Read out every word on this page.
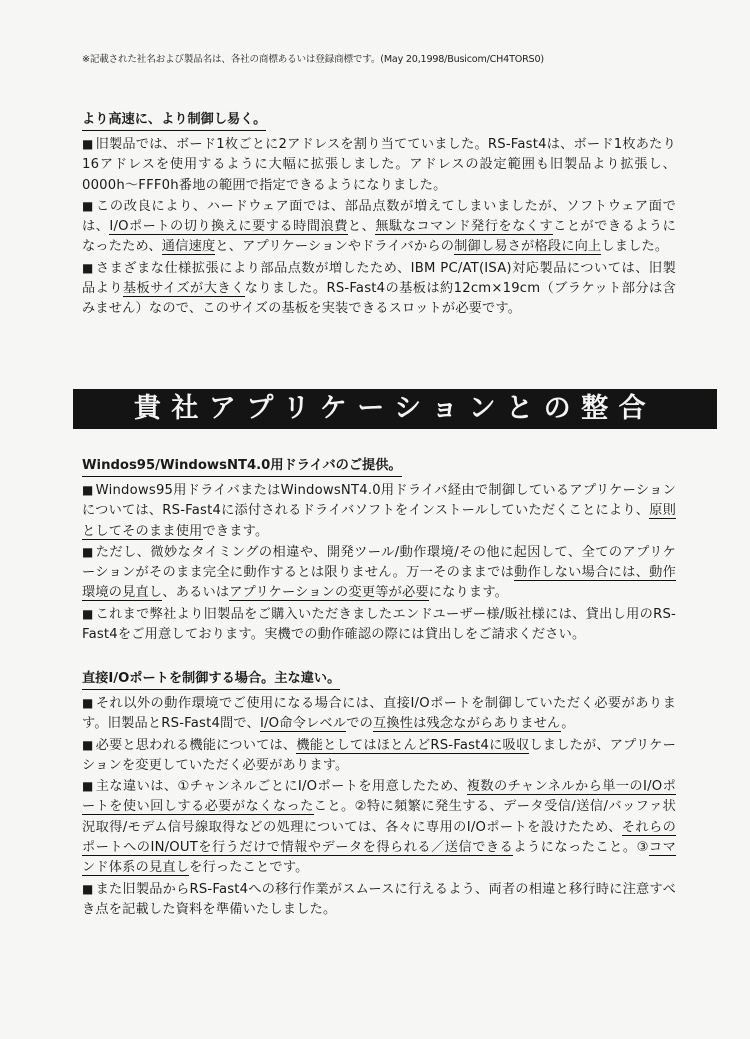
※記載された社名および製品名は、各社の商標あるいは登録商標です。(May 20,1998/Busicom/CH4TORS0)
より高速に、より制御し易く。

■ 旧製品では、ボード1枚ごとに2アドレスを割り当てていました。RS-Fast4は、ボード1枚あたり16アドレスを使用するように大幅に拡張しました。アドレスの設定範囲も旧製品より拡張し、0000h〜FFF0h番地の範囲で指定できるようになりました。

■ この改良により、ハードウェア面では、部品点数が増えてしまいましたが、ソフトウェア面では、I/Oポートの切り換えに要する時間浪費と、無駄なコマンド発行をなくすことができるようになったため、通信速度と、アプリケーションやドライバからの制御し易さが格段に向上しました。

■ さまざまな仕様拡張により部品点数が増したため、IBM PC/AT(ISA)対応製品については、旧製品より基板サイズが大きくなりました。RS-Fast4の基板は約12cm×19cm（ブラケット部分は含みません）なので、このサイズの基板を実装できるスロットが必要です。

貴社アプリケーションとの整合
Windos95/WindowsNT4.0用ドライバのご提供。

■ Windows95用ドライバまたはWindowsNT4.0用ドライバ経由で制御しているアプリケーションについては、RS-Fast4に添付されるドライバソフトをインストールしていただくことにより、原則としてそのまま使用できます。

■ ただし、微妙なタイミングの相違や、開発ツール/動作環境/その他に起因して、全てのアプリケーションがそのまま完全に動作するとは限りません。万一そのままでは動作しない場合には、動作環境の見直し、あるいはアプリケーションの変更等が必要になります。

■ これまで弊社より旧製品をご購入いただきましたエンドユーザー様/販社様には、貸出し用のRS-Fast4をご用意しております。実機での動作確認の際には貸出しをご請求ください。

直接I/Oポートを制御する場合。主な違い。

■ それ以外の動作環境でご使用になる場合には、直接I/Oポートを制御していただく必要があります。旧製品とRS-Fast4間で、I/O命令レベルでの互換性は残念ながらありません。

■ 必要と思われる機能については、機能としてはほとんどRS-Fast4に吸収しましたが、アプリケーションを変更していただく必要があります。

■ 主な違いは、①チャンネルごとにI/Oポートを用意したため、複数のチャンネルから単一のI/Oポートを使い回しする必要がなくなったこと。②特に頻繁に発生する、データ受信/送信/バッファ状況取得/モデム信号線取得などの処理については、各々に専用のI/Oポートを設けたため、それらのポートへのIN/OUTを行うだけで情報やデータを得られる／送信できるようになったこと。③コマンド体系の見直しを行ったことです。

■ また旧製品からRS-Fast4への移行作業がスムースに行えるよう、両者の相違と移行時に注意すべき点を記載した資料を準備いたしました。
